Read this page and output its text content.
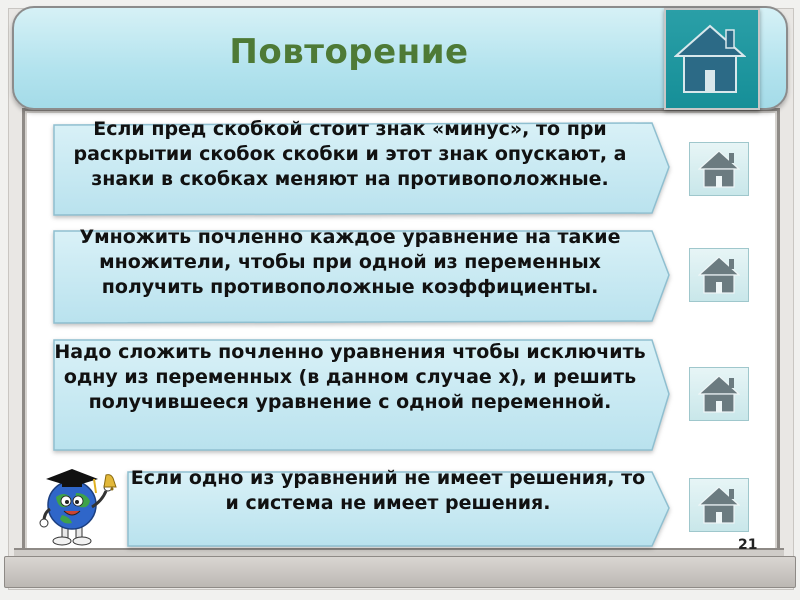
Повторение
Если пред скобкой стоит знак «минус», то при раскрытии скобок скобки и этот знак опускают, а знаки в скобках меняют на противоположные.
Умножить почленно каждое уравнение на такие множители, чтобы при одной из переменных получить противоположные коэффициенты.
Надо сложить почленно уравнения чтобы исключить одну из переменных (в данном случае x), и решить получившееся уравнение с одной переменной.
Если одно из уравнений не имеет решения, то и система не имеет решения.
21
